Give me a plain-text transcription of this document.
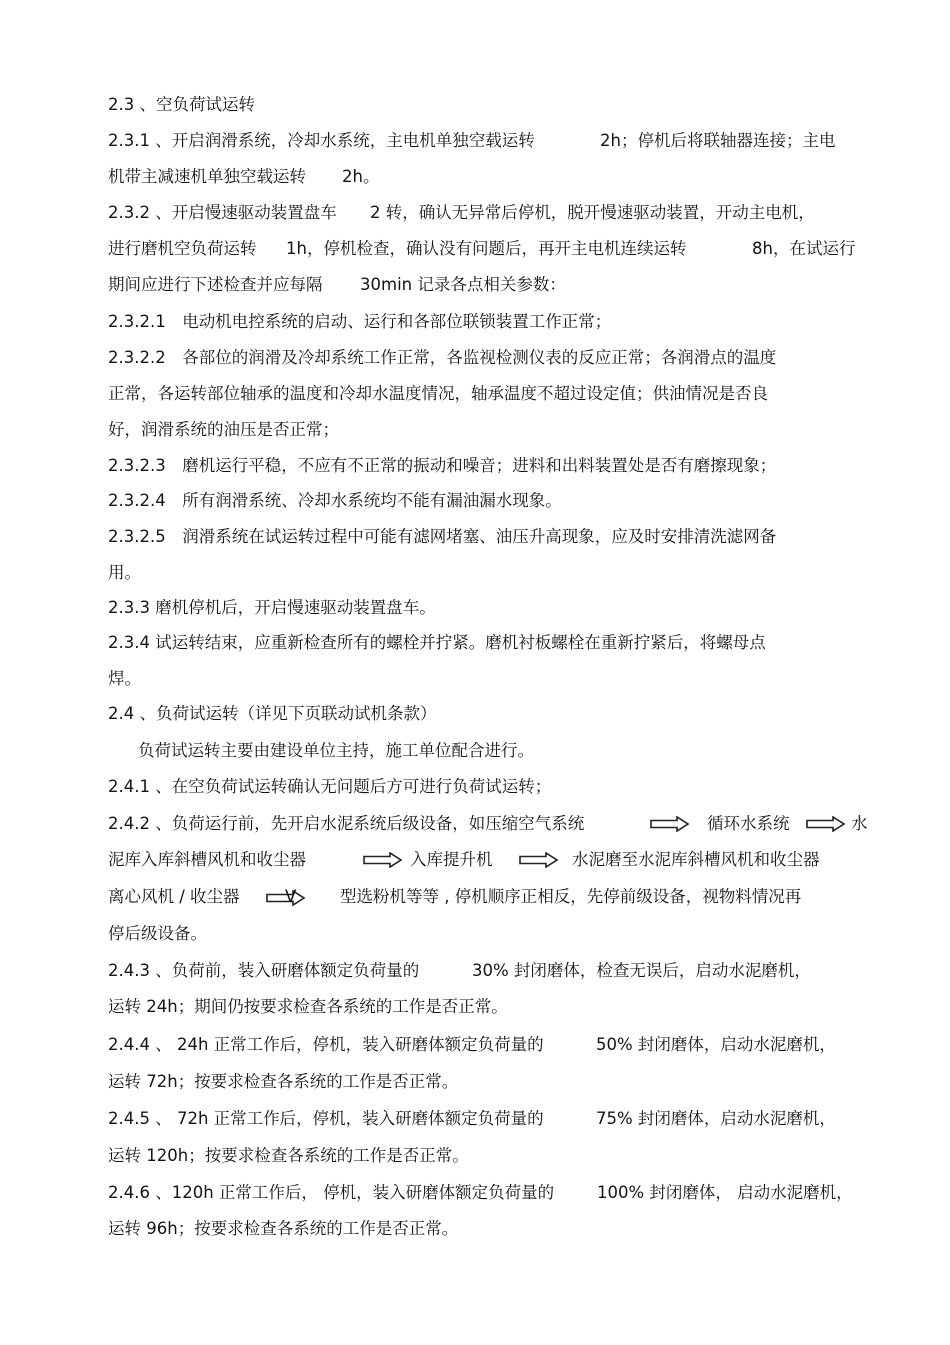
2.3 、空负荷试运转
2.3.1 、开启润滑系统，冷却水系统，主电机单独空载运转	2h；停机后将联轴器连接；主电
机带主减速机单独空载运转 2h。
2.3.2 、开启慢速驱动装置盘车 2 转，确认无异常后停机，脱开慢速驱动装置，开动主电机，
进行磨机空负荷运转 1h，停机检查，确认没有问题后，再开主电机连续运转	8h，在试运行
期间应进行下述检查并应每隔 30min 记录各点相关参数：
2.3.2.1　电动机电控系统的启动、运行和各部位联锁装置工作正常；
2.3.2.2　各部位的润滑及冷却系统工作正常，各监视检测仪表的反应正常；各润滑点的温度
正常，各运转部位轴承的温度和冷却水温度情况，轴承温度不超过设定值；供油情况是否良
好，润滑系统的油压是否正常；
2.3.2.3　磨机运行平稳，不应有不正常的振动和噪音；进料和出料装置处是否有磨擦现象；
2.3.2.4　所有润滑系统、冷却水系统均不能有漏油漏水现象。
2.3.2.5　润滑系统在试运转过程中可能有滤网堵塞、油压升高现象，应及时安排清洗滤网备
用。
2.3.3 磨机停机后，开启慢速驱动装置盘车。
2.3.4 试运转结束，应重新检查所有的螺栓并拧紧。磨机衬板螺栓在重新拧紧后，将螺母点
焊。
2.4 、负荷试运转（详见下页联动试机条款）
负荷试运转主要由建设单位主持，施工单位配合进行。
2.4.1 、在空负荷试运转确认无问题后方可进行负荷试运转；
2.4.2 、负荷运行前，先开启水泥系统后级设备，如压缩空气系统	循环水系统	水
泥库入库斜槽风机和收尘器	入库提升机	水泥磨至水泥库斜槽风机和收尘器
离心风机 / 收尘器	V	型选粉机等等 , 停机顺序正相反，先停前级设备，视物料情况再
停后级设备。
2.4.3 、负荷前，装入研磨体额定负荷量的	30% 封闭磨体，检查无误后，启动水泥磨机，
运转 24h；期间仍按要求检查各系统的工作是否正常。
2.4.4 、 24h 正常工作后，停机，装入研磨体额定负荷量的	50% 封闭磨体，启动水泥磨机，
运转 72h；按要求检查各系统的工作是否正常。
2.4.5 、 72h 正常工作后，停机，装入研磨体额定负荷量的	75% 封闭磨体，启动水泥磨机，
运转 120h；按要求检查各系统的工作是否正常。
2.4.6 、120h 正常工作后， 停机，装入研磨体额定负荷量的	100% 封闭磨体， 启动水泥磨机，
运转 96h；按要求检查各系统的工作是否正常。
